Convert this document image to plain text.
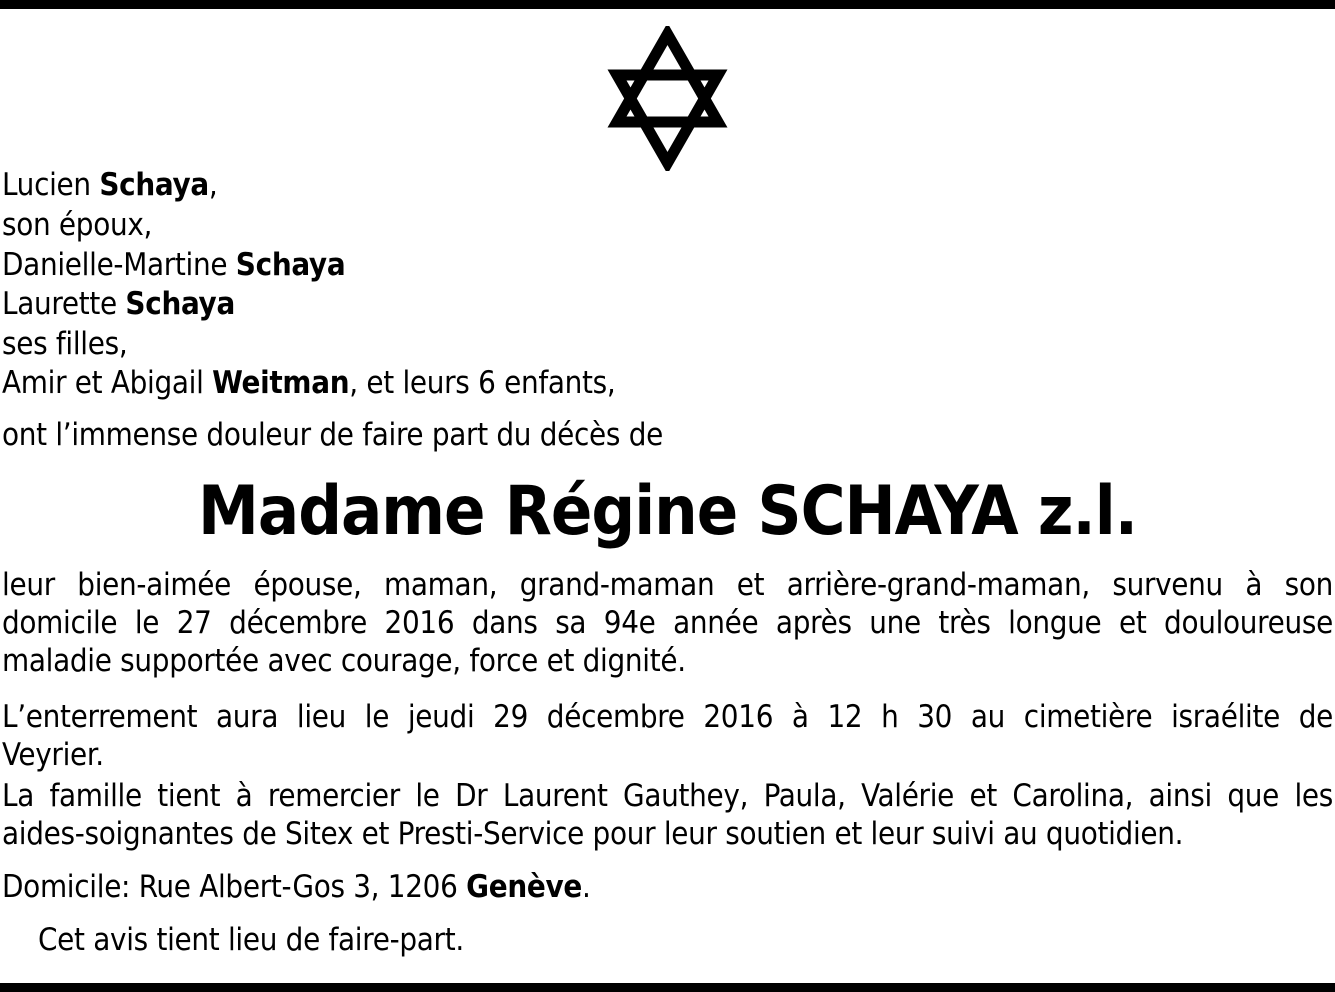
Lucien Schaya,
son époux,
Danielle-Martine Schaya
Laurette Schaya
ses filles,
Amir et Abigail Weitman, et leurs 6 enfants,
ont l’immense douleur de faire part du décès de
Madame Régine SCHAYA z.l.
leur bien-aimée épouse, maman, grand-maman et arrière-grand-maman, survenu à son
domicile le 27 décembre 2016 dans sa 94e année après une très longue et douloureuse
maladie supportée avec courage, force et dignité.
L’enterrement aura lieu le jeudi 29 décembre 2016 à 12 h 30 au cimetière israélite de
Veyrier.
La famille tient à remercier le Dr Laurent Gauthey, Paula, Valérie et Carolina, ainsi que les
aides-soignantes de Sitex et Presti-Service pour leur soutien et leur suivi au quotidien.
Domicile: Rue Albert-Gos 3, 1206 Genève.
Cet avis tient lieu de faire-part.
